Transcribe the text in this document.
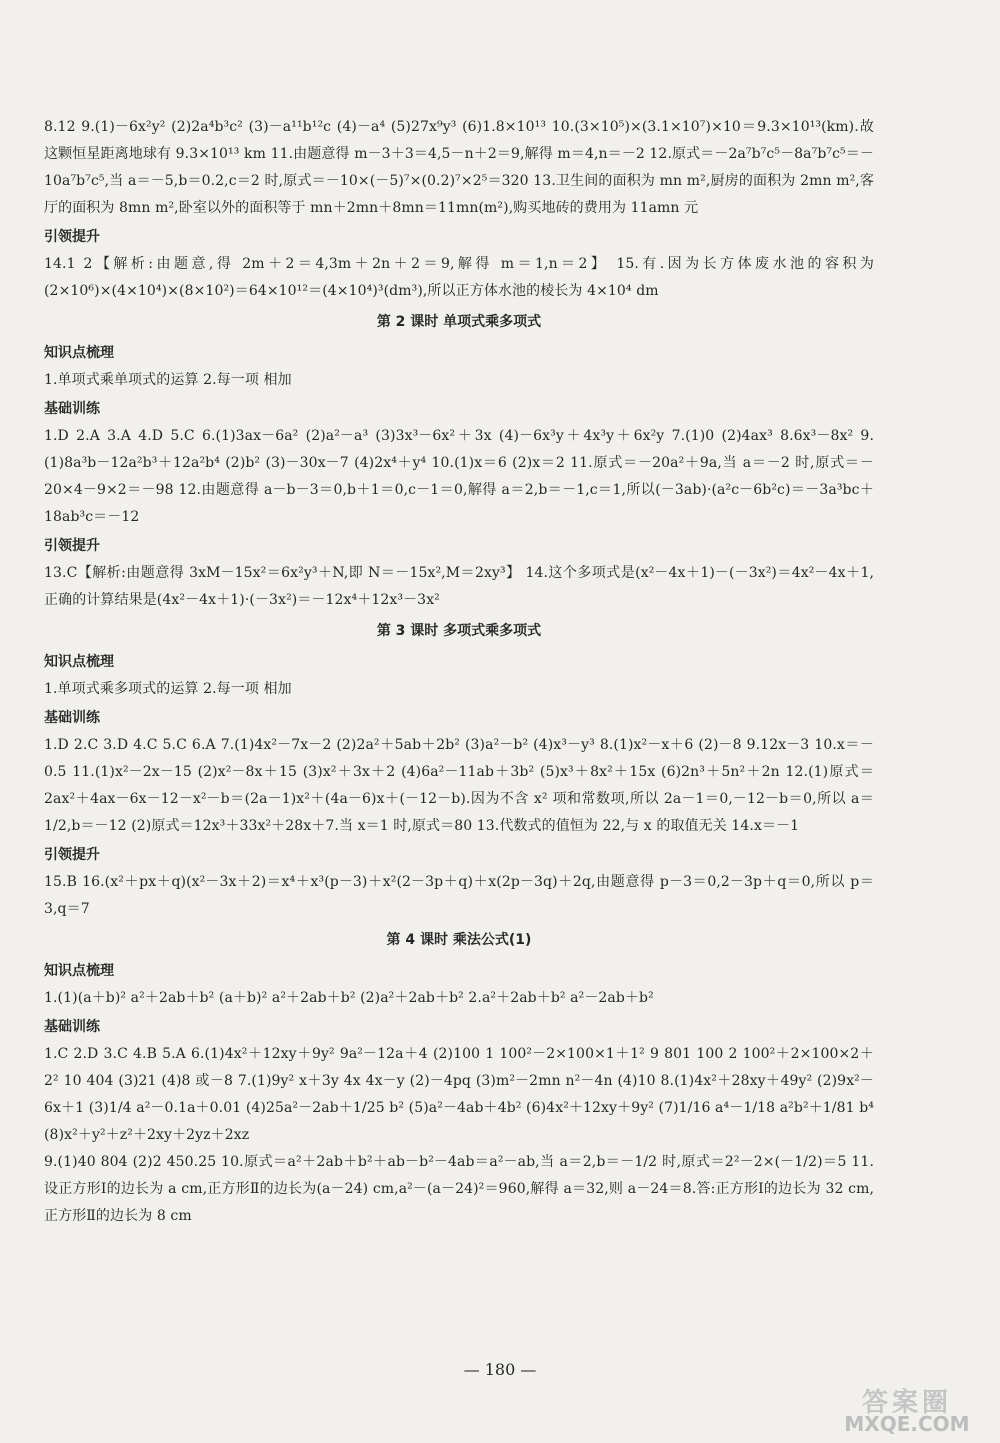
8.12 9.(1)－6x²y² (2)2a⁴b³c² (3)－a¹¹b¹²c (4)－a⁴ (5)27x⁹y³ (6)1.8×10¹³ 10.(3×10⁵)×(3.1×10⁷)×10＝9.3×10¹³(km).故这颗恒星距离地球有 9.3×10¹³ km 11.由题意得 m－3＋3＝4,5－n＋2＝9,解得 m＝4,n＝－2 12.原式＝－2a⁷b⁷c⁵－8a⁷b⁷c⁵＝－10a⁷b⁷c⁵,当 a＝－5,b＝0.2,c＝2 时,原式＝－10×(－5)⁷×(0.2)⁷×2⁵＝320 13.卫生间的面积为 mn m²,厨房的面积为 2mn m²,客厅的面积为 8mn m²,卧室以外的面积等于 mn＋2mn＋8mn＝11mn(m²),购买地砖的费用为 11amn 元

引领提升

14.1 2【解析:由题意,得 2m＋2＝4,3m＋2n＋2＝9,解得 m＝1,n＝2】 15.有.因为长方体废水池的容积为(2×10⁶)×(4×10⁴)×(8×10²)＝64×10¹²＝(4×10⁴)³(dm³),所以正方体水池的棱长为 4×10⁴ dm

第 2 课时 单项式乘多项式
知识点梳理

1.单项式乘单项式的运算 2.每一项 相加

基础训练

1.D 2.A 3.A 4.D 5.C 6.(1)3ax－6a² (2)a²－a³ (3)3x³－6x²＋3x (4)－6x³y＋4x³y＋6x²y 7.(1)0 (2)4ax³ 8.6x³－8x² 9.(1)8a³b－12a²b³＋12a²b⁴ (2)b² (3)－30x－7 (4)2x⁴＋y⁴ 10.(1)x＝6 (2)x＝2 11.原式＝－20a²＋9a,当 a＝－2 时,原式＝－20×4－9×2＝－98 12.由题意得 a－b－3＝0,b＋1＝0,c－1＝0,解得 a＝2,b＝－1,c＝1,所以(－3ab)·(a²c－6b²c)＝－3a³bc＋18ab³c＝－12

引领提升

13.C【解析:由题意得 3xM－15x²＝6x²y³＋N,即 N＝－15x²,M＝2xy³】 14.这个多项式是(x²－4x＋1)－(－3x²)＝4x²－4x＋1,正确的计算结果是(4x²－4x＋1)·(－3x²)＝－12x⁴＋12x³－3x²

第 3 课时 多项式乘多项式
知识点梳理

1.单项式乘多项式的运算 2.每一项 相加

基础训练

1.D 2.C 3.D 4.C 5.C 6.A 7.(1)4x²－7x－2 (2)2a²＋5ab＋2b² (3)a²－b² (4)x³－y³ 8.(1)x²－x＋6 (2)－8 9.12x－3 10.x＝－0.5 11.(1)x²－2x－15 (2)x²－8x＋15 (3)x²＋3x＋2 (4)6a²－11ab＋3b² (5)x³＋8x²＋15x (6)2n³＋5n²＋2n 12.(1)原式＝2ax²＋4ax－6x－12－x²－b＝(2a－1)x²＋(4a－6)x＋(－12－b).因为不含 x² 项和常数项,所以 2a－1＝0,－12－b＝0,所以 a＝1/2,b＝－12 (2)原式＝12x³＋33x²＋28x＋7.当 x＝1 时,原式＝80 13.代数式的值恒为 22,与 x 的取值无关 14.x＝－1

引领提升

15.B 16.(x²＋px＋q)(x²－3x＋2)＝x⁴＋x³(p－3)＋x²(2－3p＋q)＋x(2p－3q)＋2q,由题意得 p－3＝0,2－3p＋q＝0,所以 p＝3,q＝7

第 4 课时 乘法公式(1)
知识点梳理

1.(1)(a＋b)² a²＋2ab＋b² (a＋b)² a²＋2ab＋b² (2)a²＋2ab＋b² 2.a²＋2ab＋b² a²－2ab＋b²

基础训练

1.C 2.D 3.C 4.B 5.A 6.(1)4x²＋12xy＋9y² 9a²－12a＋4 (2)100 1 100²－2×100×1＋1² 9 801 100 2 100²＋2×100×2＋2² 10 404 (3)21 (4)8 或－8 7.(1)9y² x＋3y 4x 4x－y (2)－4pq (3)m²－2mn n²－4n (4)10 8.(1)4x²＋28xy＋49y² (2)9x²－6x＋1 (3)1/4 a²－0.1a＋0.01 (4)25a²－2ab＋1/25 b² (5)a²－4ab＋4b² (6)4x²＋12xy＋9y² (7)1/16 a⁴－1/18 a²b²＋1/81 b⁴ (8)x²＋y²＋z²＋2xy＋2yz＋2xz

9.(1)40 804 (2)2 450.25 10.原式＝a²＋2ab＋b²＋ab－b²－4ab＝a²－ab,当 a＝2,b＝－1/2 时,原式＝2²－2×(－1/2)＝5 11.设正方形Ⅰ的边长为 a cm,正方形Ⅱ的边长为(a－24) cm,a²－(a－24)²＝960,解得 a＝32,则 a－24＝8.答:正方形Ⅰ的边长为 32 cm,正方形Ⅱ的边长为 8 cm

— 180 —
答案圈
MXQE.COM
